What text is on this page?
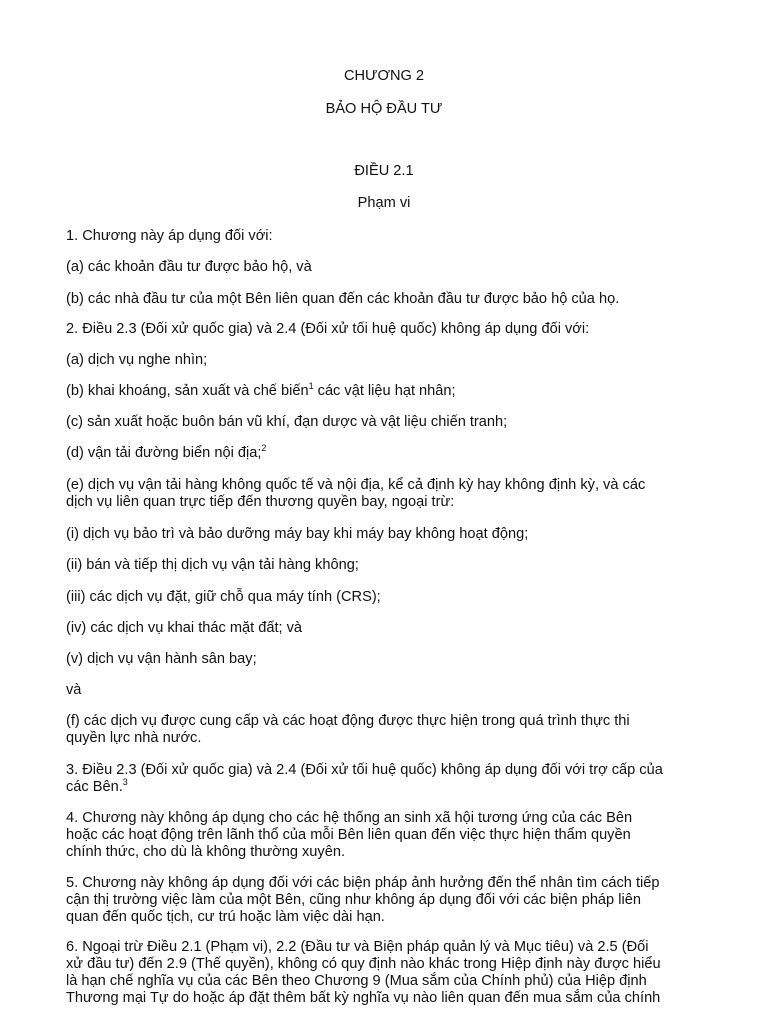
CHƯƠNG 2
BẢO HỘ ĐẦU TƯ
ĐIỀU 2.1
Phạm vi
1. Chương này áp dụng đối với:
(a) các khoản đầu tư được bảo hộ, và
(b) các nhà đầu tư của một Bên liên quan đến các khoản đầu tư được bảo hộ của họ.
2. Điều 2.3 (Đối xử quốc gia) và 2.4 (Đối xử tối huệ quốc) không áp dụng đối với:
(a) dịch vụ nghe nhìn;
(b) khai khoáng, sản xuất và chế biến$^1$ các vật liệu hạt nhân;
(c) sản xuất hoặc buôn bán vũ khí, đạn dược và vật liệu chiến tranh;
(d) vận tải đường biển nội địa;$^2$
(e) dịch vụ vận tải hàng không quốc tế và nội địa, kể cả định kỳ hay không định kỳ, và các
dịch vụ liên quan trực tiếp đến thương quyền bay, ngoại trừ:
(i) dịch vụ bảo trì và bảo dưỡng máy bay khi máy bay không hoạt động;
(ii) bán và tiếp thị dịch vụ vận tải hàng không;
(iii) các dịch vụ đặt, giữ chỗ qua máy tính (CRS);
(iv) các dịch vụ khai thác mặt đất; và
(v) dịch vụ vận hành sân bay;
và
(f) các dịch vụ được cung cấp và các hoạt động được thực hiện trong quá trình thực thi
quyền lực nhà nước.
3. Điều 2.3 (Đối xử quốc gia) và 2.4 (Đối xử tối huệ quốc) không áp dụng đối với trợ cấp của
các Bên.$^3$
4. Chương này không áp dụng cho các hệ thống an sinh xã hội tương ứng của các Bên
hoặc các hoạt động trên lãnh thổ của mỗi Bên liên quan đến việc thực hiện thẩm quyền
chính thức, cho dù là không thường xuyên.
5. Chương này không áp dụng đối với các biện pháp ảnh hưởng đến thể nhân tìm cách tiếp
cận thị trường việc làm của một Bên, cũng như không áp dụng đối với các biện pháp liên
quan đến quốc tịch, cư trú hoặc làm việc dài hạn.
6. Ngoại trừ Điều 2.1 (Phạm vi), 2.2 (Đầu tư và Biện pháp quản lý và Mục tiêu) và 2.5 (Đối
xử đầu tư) đến 2.9 (Thế quyền), không có quy định nào khác trong Hiệp định này được hiểu
là hạn chế nghĩa vụ của các Bên theo Chương 9 (Mua sắm của Chính phủ) của Hiệp định
Thương mại Tự do hoặc áp đặt thêm bất kỳ nghĩa vụ nào liên quan đến mua sắm của chính
